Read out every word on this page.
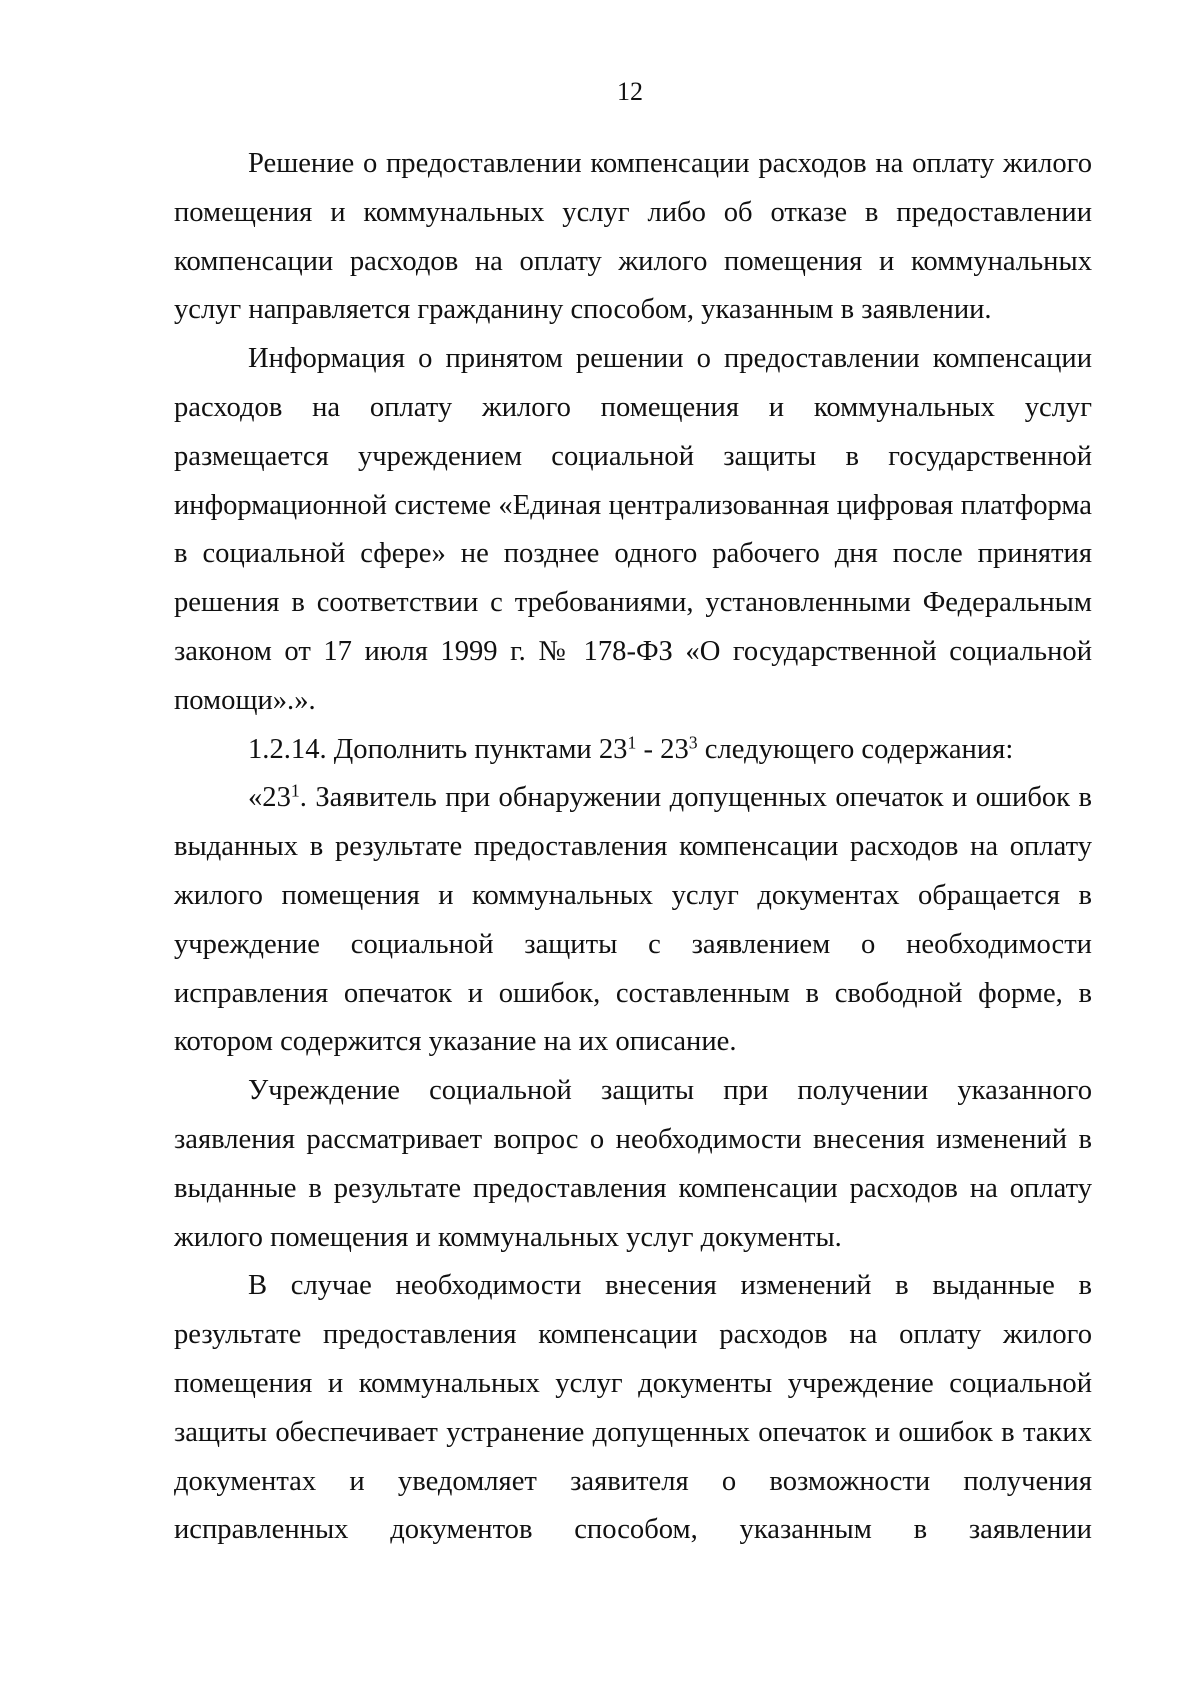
12

Решение о предоставлении компенсации расходов на оплату жилого помещения и коммунальных услуг либо об отказе в предоставлении компенсации расходов на оплату жилого помещения и коммунальных услуг направляется гражданину способом, указанным в заявлении.

Информация о принятом решении о предоставлении компенсации расходов на оплату жилого помещения и коммунальных услуг размещается учреждением социальной защиты в государственной информационной системе «Единая централизованная цифровая платформа в социальной сфере» не позднее одного рабочего дня после принятия решения в соответствии с требованиями, установленными Федеральным законом от 17 июля 1999 г. № 178-ФЗ «О государственной социальной помощи».».

1.2.14. Дополнить пунктами $23^1 - 23^3$ следующего содержания:

«$23^1$. Заявитель при обнаружении допущенных опечаток и ошибок в выданных в результате предоставления компенсации расходов на оплату жилого помещения и коммунальных услуг документах обращается в учреждение социальной защиты с заявлением о необходимости исправления опечаток и ошибок, составленным в свободной форме, в котором содержится указание на их описание.

Учреждение социальной защиты при получении указанного заявления рассматривает вопрос о необходимости внесения изменений в выданные в результате предоставления компенсации расходов на оплату жилого помещения и коммунальных услуг документы.

В случае необходимости внесения изменений в выданные в результате предоставления компенсации расходов на оплату жилого помещения и коммунальных услуг документы учреждение социальной защиты обеспечивает устранение допущенных опечаток и ошибок в таких документах и уведомляет заявителя о возможности получения исправленных документов способом, указанным в заявлении
